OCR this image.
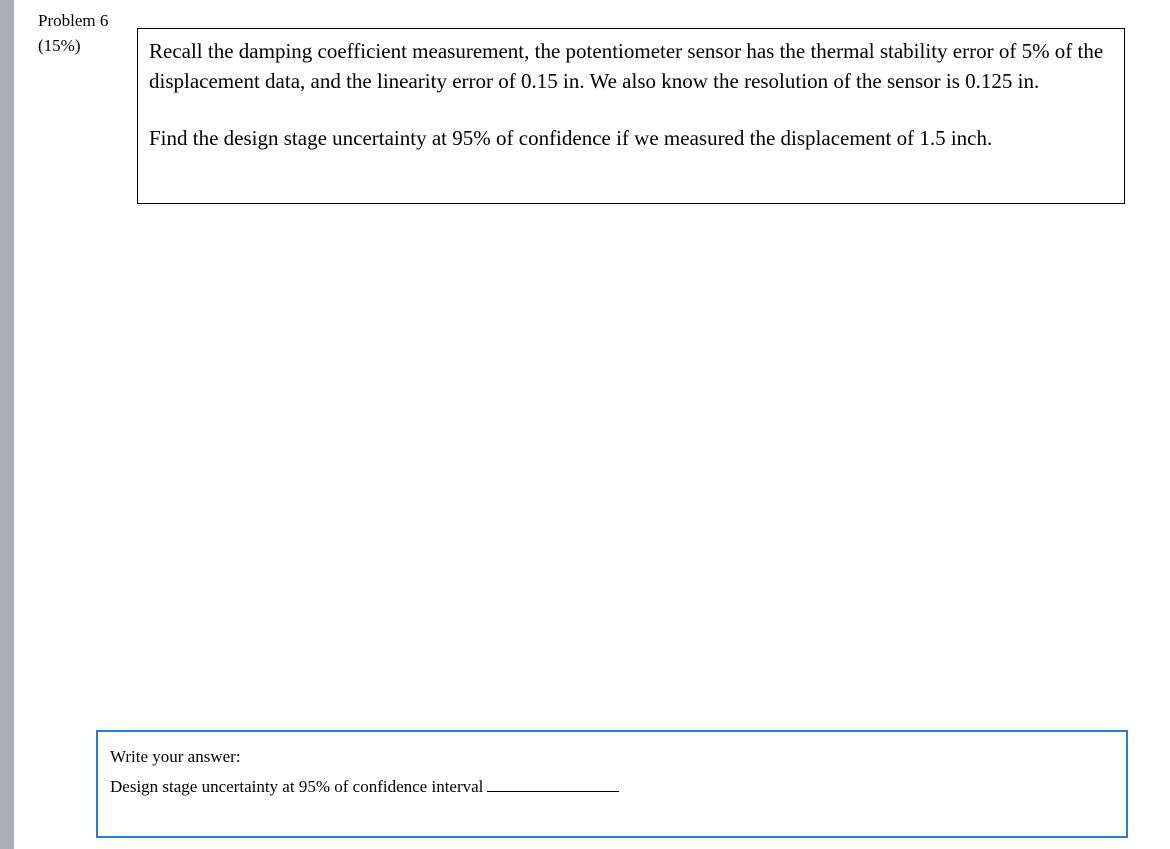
Problem 6
(15%)	Recall the damping coefficient measurement, the potentiometer sensor has the thermal stability error of 5% of the displacement data, and the linearity error of 0.15 in. We also know the resolution of the sensor is 0.125 in.

Find the design stage uncertainty at 95% of confidence if we measured the displacement of 1.5 inch.

Write your answer:
Design stage uncertainty at 95% of confidence interval
